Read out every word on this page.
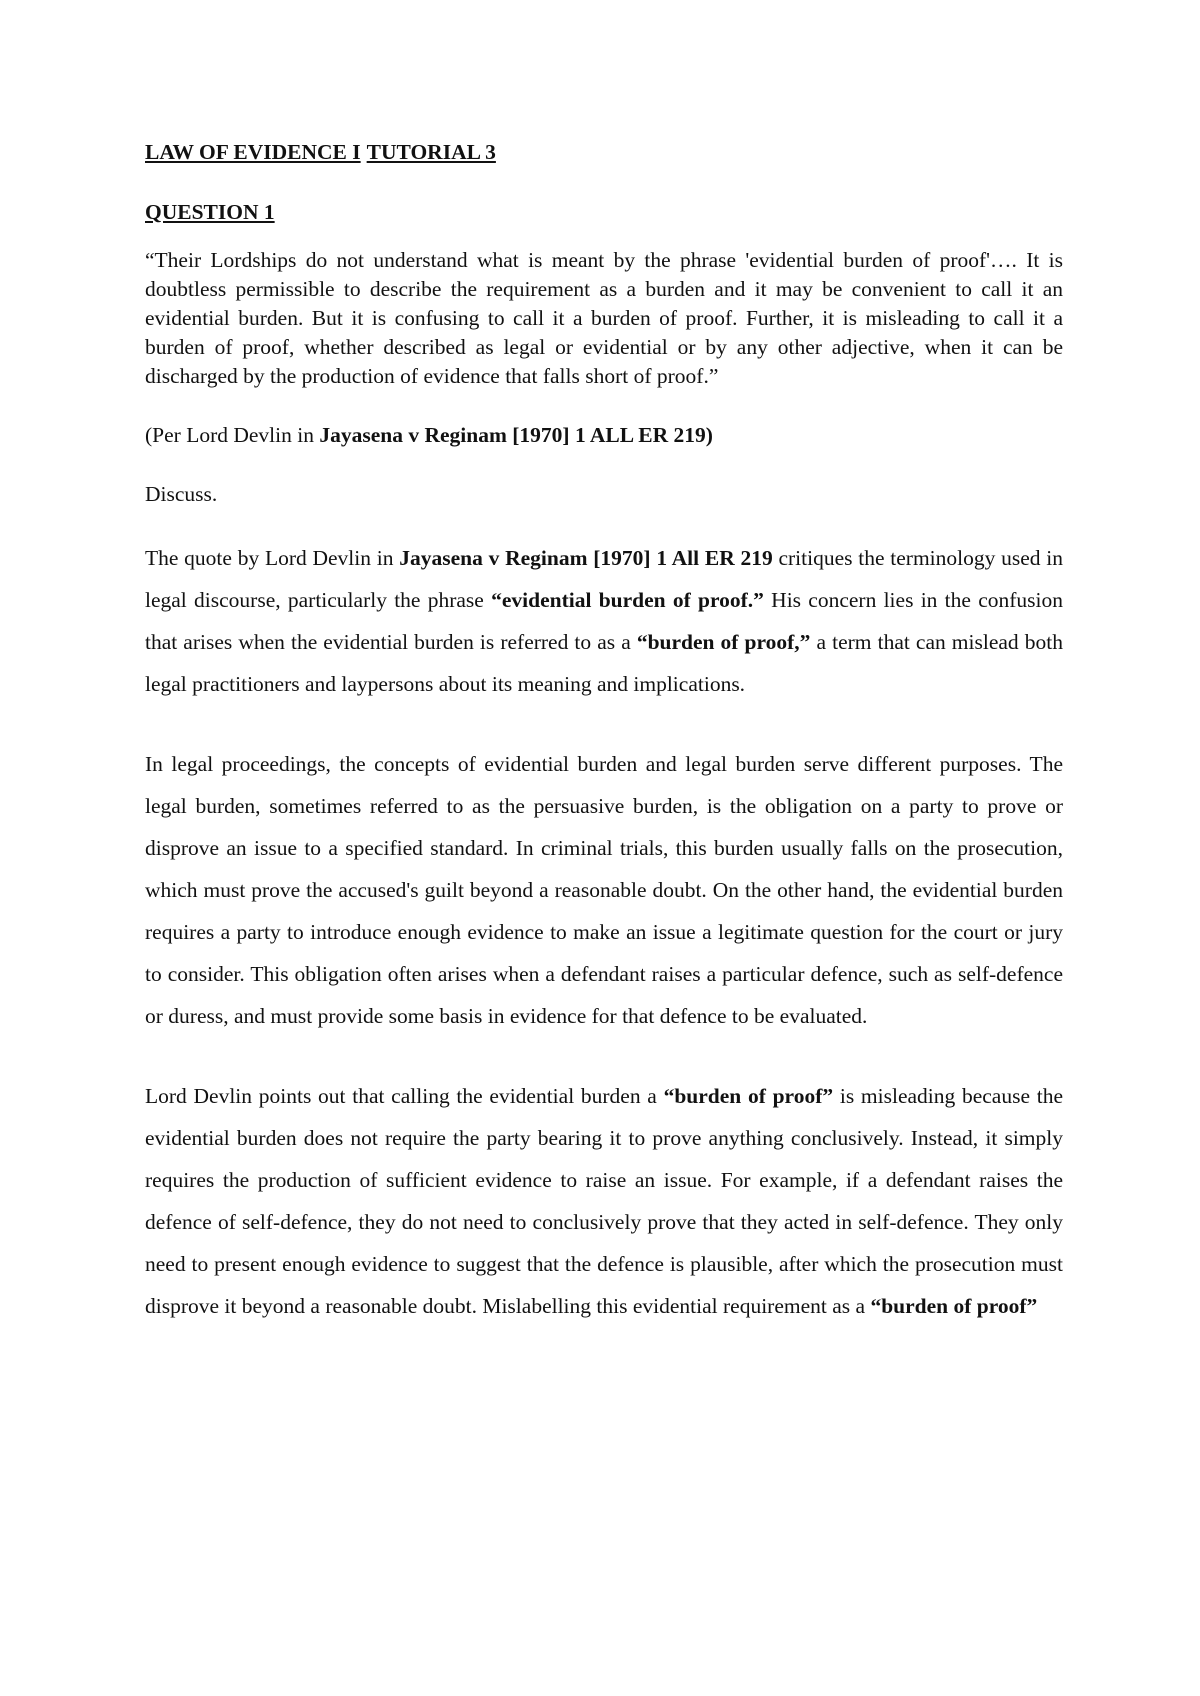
LAW OF EVIDENCE I TUTORIAL 3
QUESTION 1

“Their Lordships do not understand what is meant by the phrase 'evidential burden of proof'…. It is doubtless permissible to describe the requirement as a burden and it may be convenient to call it an evidential burden. But it is confusing to call it a burden of proof. Further, it is misleading to call it a burden of proof, whether described as legal or evidential or by any other adjective, when it can be discharged by the production of evidence that falls short of proof.”

(Per Lord Devlin in Jayasena v Reginam [1970] 1 ALL ER 219)

Discuss.

The quote by Lord Devlin in Jayasena v Reginam [1970] 1 All ER 219 critiques the terminology used in legal discourse, particularly the phrase “evidential burden of proof.” His concern lies in the confusion that arises when the evidential burden is referred to as a “burden of proof,” a term that can mislead both legal practitioners and laypersons about its meaning and implications.

In legal proceedings, the concepts of evidential burden and legal burden serve different purposes. The legal burden, sometimes referred to as the persuasive burden, is the obligation on a party to prove or disprove an issue to a specified standard. In criminal trials, this burden usually falls on the prosecution, which must prove the accused's guilt beyond a reasonable doubt. On the other hand, the evidential burden requires a party to introduce enough evidence to make an issue a legitimate question for the court or jury to consider. This obligation often arises when a defendant raises a particular defence, such as self-defence or duress, and must provide some basis in evidence for that defence to be evaluated.

Lord Devlin points out that calling the evidential burden a “burden of proof” is misleading because the evidential burden does not require the party bearing it to prove anything conclusively. Instead, it simply requires the production of sufficient evidence to raise an issue. For example, if a defendant raises the defence of self-defence, they do not need to conclusively prove that they acted in self-defence. They only need to present enough evidence to suggest that the defence is plausible, after which the prosecution must disprove it beyond a reasonable doubt. Mislabelling this evidential requirement as a “burden of proof”
